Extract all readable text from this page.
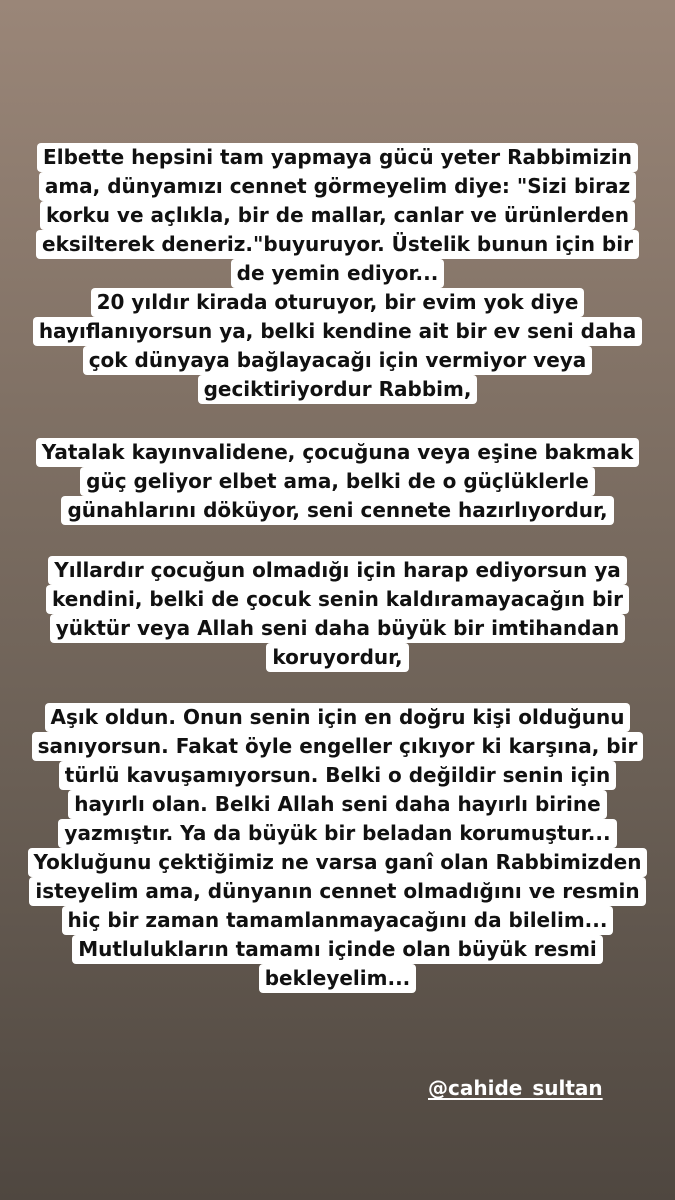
Elbette hepsini tam yapmaya gücü yeter Rabbimizin
ama, dünyamızı cennet görmeyelim diye: "Sizi biraz
korku ve açlıkla, bir de mallar, canlar ve ürünlerden
eksilterek deneriz."buyuruyor. Üstelik bunun için bir
de yemin ediyor...
20 yıldır kirada oturuyor, bir evim yok diye
hayıflanıyorsun ya, belki kendine ait bir ev seni daha
çok dünyaya bağlayacağı için vermiyor veya
geciktiriyordur Rabbim,
Yatalak kayınvalidene, çocuğuna veya eşine bakmak
güç geliyor elbet ama, belki de o güçlüklerle
günahlarını döküyor, seni cennete hazırlıyordur,
Yıllardır çocuğun olmadığı için harap ediyorsun ya
kendini, belki de çocuk senin kaldıramayacağın bir
yüktür veya Allah seni daha büyük bir imtihandan
koruyordur,
Aşık oldun. Onun senin için en doğru kişi olduğunu
sanıyorsun. Fakat öyle engeller çıkıyor ki karşına, bir
türlü kavuşamıyorsun. Belki o değildir senin için
hayırlı olan. Belki Allah seni daha hayırlı birine
yazmıştır. Ya da büyük bir beladan korumuştur...
Yokluğunu çektiğimiz ne varsa ganî olan Rabbimizden
isteyelim ama, dünyanın cennet olmadığını ve resmin
hiç bir zaman tamamlanmayacağını da bilelim...
Mutlulukların tamamı içinde olan büyük resmi
bekleyelim...
@cahide_sultan
